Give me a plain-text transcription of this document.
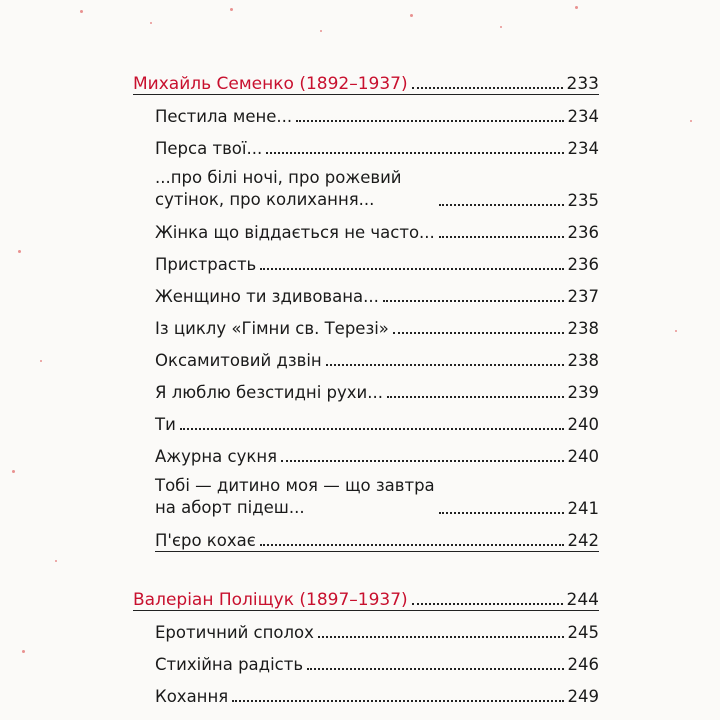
Михайль Семенко (1892–1937)	233
Пестила мене...	234
Перса твої...	234
...про білі ночі, про рожевий сутінок, про колихання...	235
Жінка що віддається не часто...	236
Пристрасть	236
Женщино ти здивована...	237
Із циклу «Гімни св. Терезі»	238
Оксамитовий дзвін	238
Я люблю безстидні рухи...	239
Ти	240
Ажурна сукня	240
Тобі — дитино моя — що завтра на аборт підеш...	241
П'єро кохає	242
Валеріан Поліщук (1897–1937)	244
Еротичний сполох	245
Стихійна радість	246
Кохання	249
